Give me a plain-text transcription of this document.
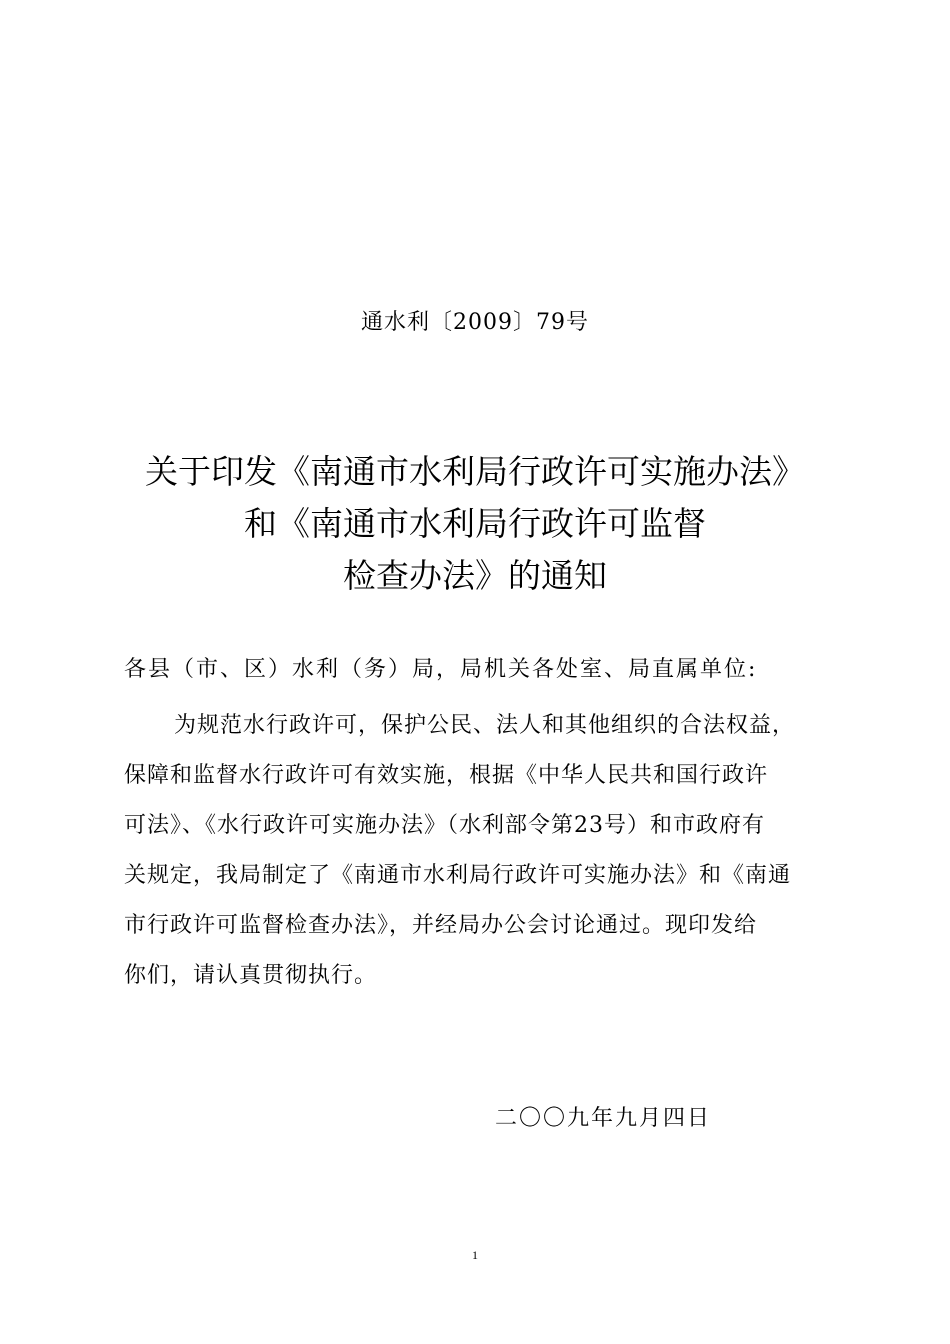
通水利〔2009〕79号
关于印发《南通市水利局行政许可实施办法》
和《南通市水利局行政许可监督
检查办法》的通知
各县（市、区）水利（务）局，局机关各处室、局直属单位:
为规范水行政许可，保护公民、法人和其他组织的合法权益，
保障和监督水行政许可有效实施，根据《中华人民共和国行政许
可法》、《水行政许可实施办法》（水利部令第23号）和市政府有
关规定，我局制定了《南通市水利局行政许可实施办法》和《南通
市行政许可监督检查办法》，并经局办公会讨论通过。现印发给
你们，请认真贯彻执行。
二〇〇九年九月四日
1
